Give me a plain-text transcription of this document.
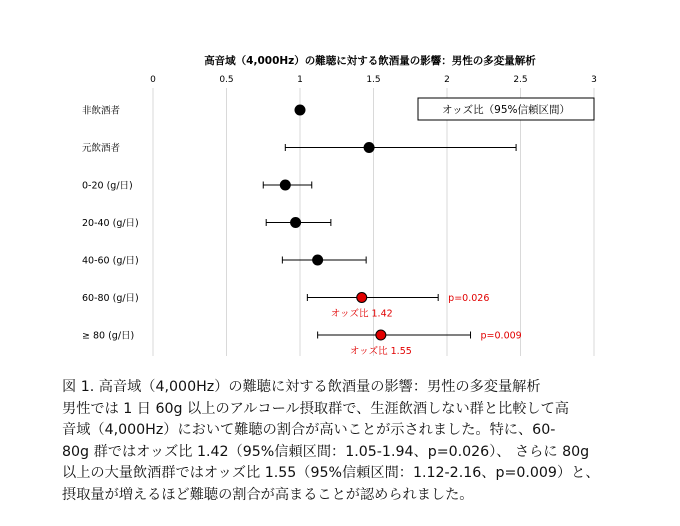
高音域（4,000Hz）の難聴に対する飲酒量の影響：男性の多変量解析
0	0.5	1	1.5	2	2.5	3
非飲酒者
元飲酒者
0-20 (g/日)
20-40 (g/日)
40-60 (g/日)
60-80 (g/日)	p=0.026
オッズ比 1.42
≥ 80 (g/日)	p=0.009
オッズ比 1.55
オッズ比（95%信頼区間）
図 1. 高音域（4,000Hz）の難聴に対する飲酒量の影響：男性の多変量解析
男性では 1 日 60g 以上のアルコール摂取群で、生涯飲酒しない群と比較して高
音域（4,000Hz）において難聴の割合が高いことが示されました。特に、60-
80g 群ではオッズ比 1.42（95%信頼区間：1.05-1.94、p=0.026）、 さらに 80g
以上の大量飲酒群ではオッズ比 1.55（95%信頼区間：1.12-2.16、p=0.009）と、
摂取量が増えるほど難聴の割合が高まることが認められました。
